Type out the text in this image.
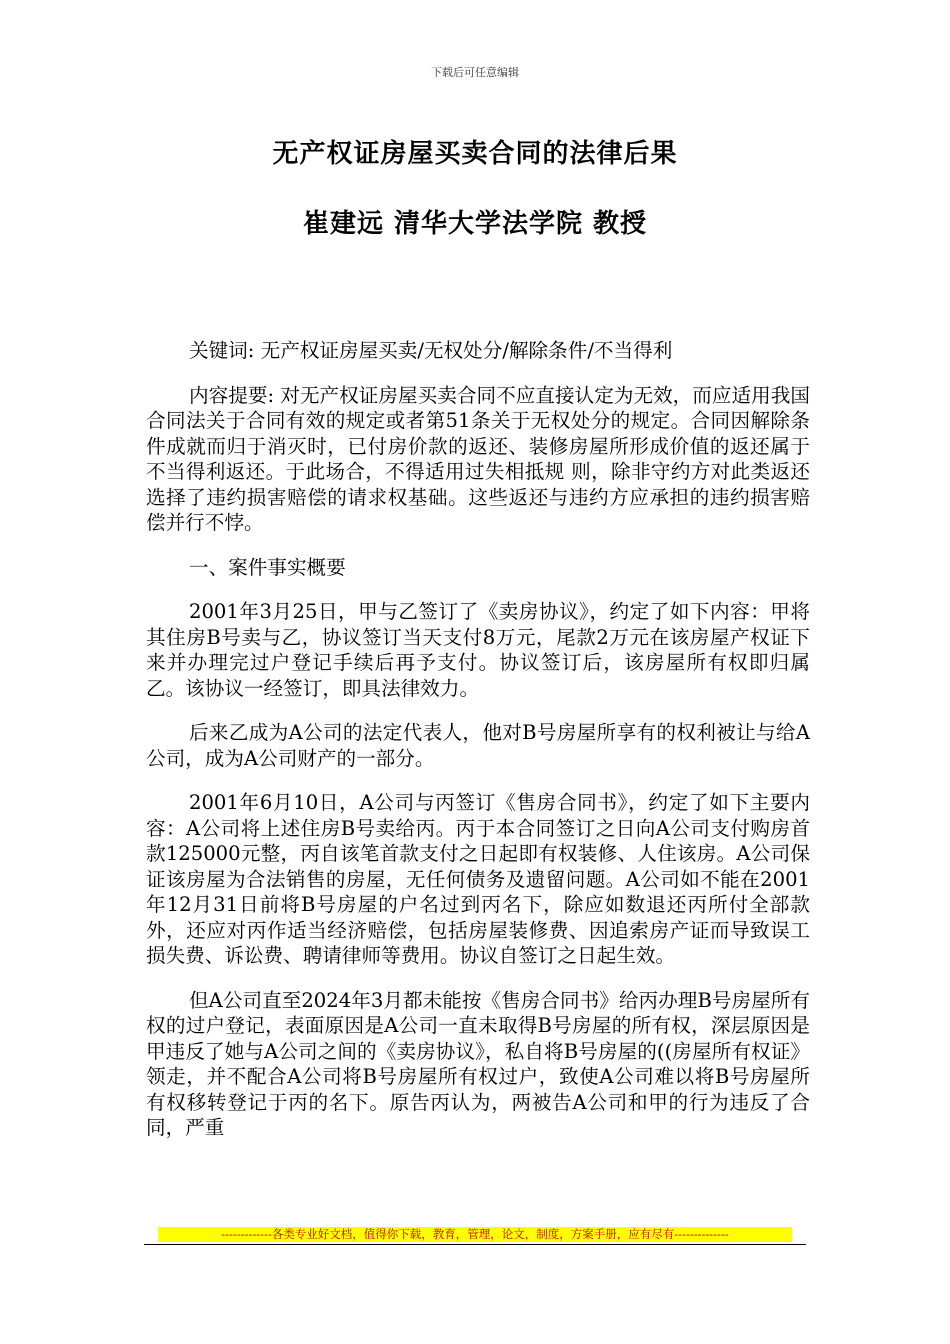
下载后可任意编辑
无产权证房屋买卖合同的法律后果
崔建远 清华大学法学院 教授

关键词: 无产权证房屋买卖/无权处分/解除条件/不当得利

内容提要: 对无产权证房屋买卖合同不应直接认定为无效，而应适用我国合同法关于合同有效的规定或者第51条关于无权处分的规定。合同因解除条件成就而归于消灭时，已付房价款的返还、装修房屋所形成价值的返还属于不当得利返还。于此场合，不得适用过失相抵规 则，除非守约方对此类返还选择了违约损害赔偿的请求权基础。这些返还与违约方应承担的违约损害赔偿并行不悖。

一、案件事实概要

2001年3月25日，甲与乙签订了《卖房协议》，约定了如下内容：甲将其住房B号卖与乙，协议签订当天支付8万元，尾款2万元在该房屋产权证下来并办理完过户登记手续后再予支付。协议签订后，该房屋所有权即归属乙。该协议一经签订，即具法律效力。

后来乙成为A公司的法定代表人，他对B号房屋所享有的权利被让与给A公司，成为A公司财产的一部分。

2001年6月10日，A公司与丙签订《售房合同书》，约定了如下主要内容：A公司将上述住房B号卖给丙。丙于本合同签订之日向A公司支付购房首款125000元整，丙自该笔首款支付之日起即有权装修、人住该房。A公司保证该房屋为合法销售的房屋，无任何债务及遗留问题。A公司如不能在2001年12月31日前将B号房屋的户名过到丙名下，除应如数退还丙所付全部款外，还应对丙作适当经济赔偿，包括房屋装修费、因追索房产证而导致误工损失费、诉讼费、聘请律师等费用。协议自签订之日起生效。

但A公司直至2024年3月都未能按《售房合同书》给丙办理B号房屋所有权的过户登记，表面原因是A公司一直未取得B号房屋的所有权，深层原因是甲违反了她与A公司之间的《卖房协议》，私自将B号房屋的((房屋所有权证》领走，并不配合A公司将B号房屋所有权过户，致使A公司难以将B号房屋所有权移转登记于丙的名下。原告丙认为，两被告A公司和甲的行为违反了合同，严重

-------------各类专业好文档，值得你下载，教育，管理，论文，制度，方案手册，应有尽有--------------
